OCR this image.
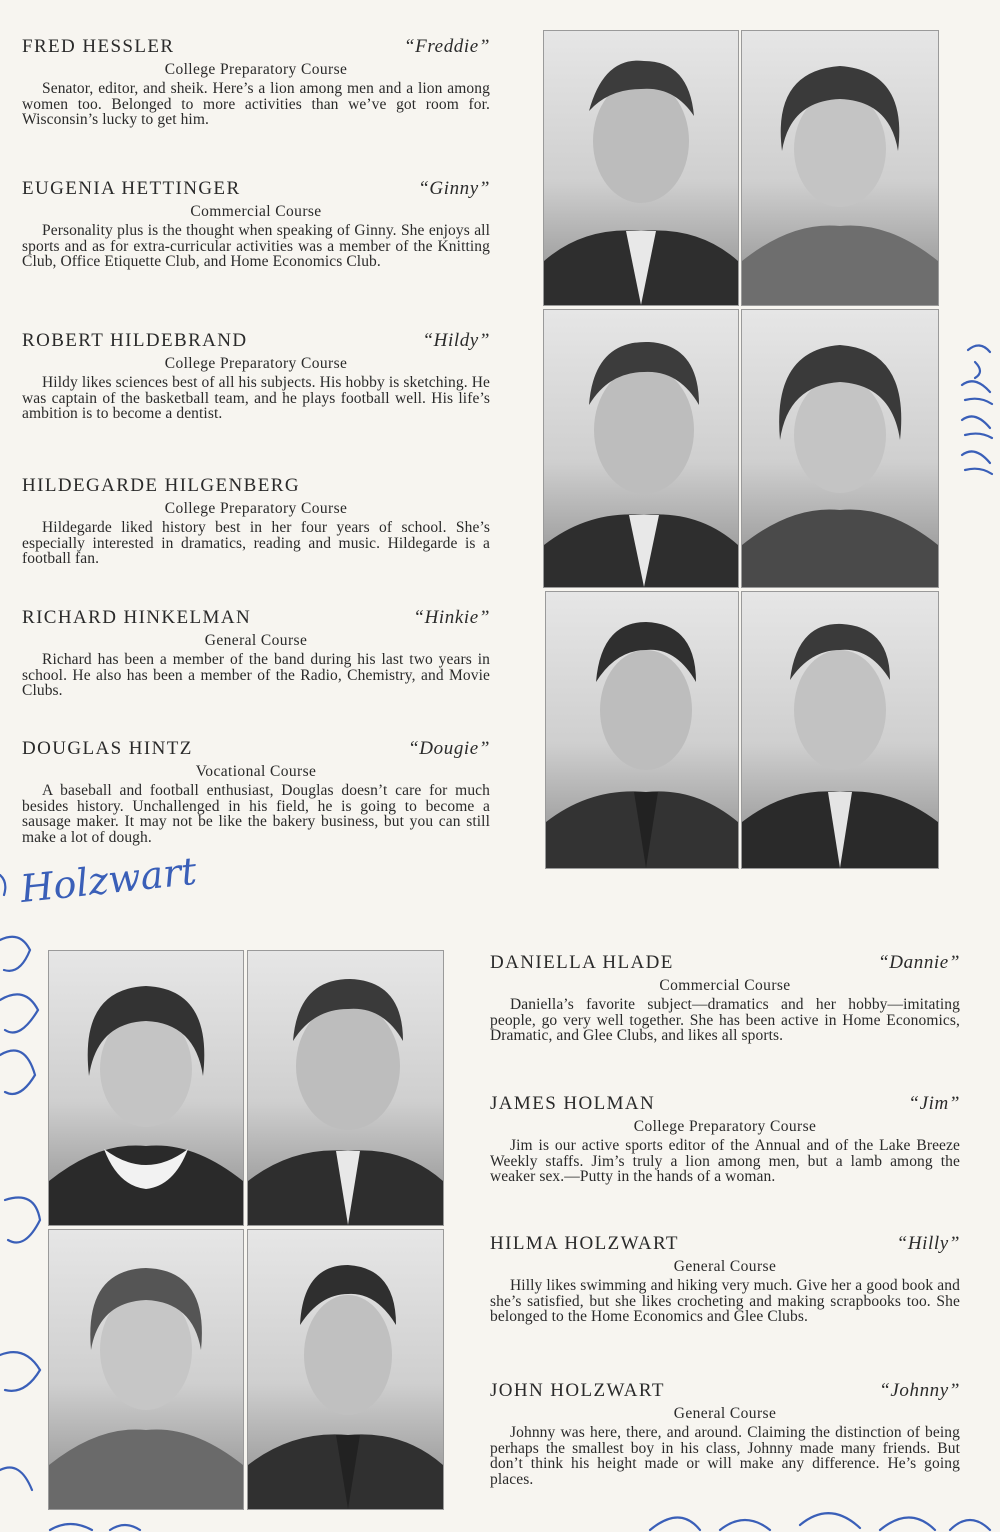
FRED HESSLER	“Freddie”
College Preparatory Course

Senator, editor, and sheik. Here’s a lion among men and a lion among women too. Belonged to more activities than we’ve got room for. Wisconsin’s lucky to get him.

EUGENIA HETTINGER	“Ginny”
Commercial Course

Personality plus is the thought when speaking of Ginny. She enjoys all sports and as for extra-curricular activities was a member of the Knitting Club, Office Etiquette Club, and Home Economics Club.

ROBERT HILDEBRAND	“Hildy”
College Preparatory Course

Hildy likes sciences best of all his subjects. His hobby is sketching. He was captain of the basketball team, and he plays football well. His life’s ambition is to become a dentist.

HILDEGARDE HILGENBERG
College Preparatory Course

Hildegarde liked history best in her four years of school. She’s especially interested in dramatics, reading and music. Hildegarde is a football fan.

RICHARD HINKELMAN	“Hinkie”
General Course

Richard has been a member of the band during his last two years in school. He also has been a member of the Radio, Chemistry, and Movie Clubs.

DOUGLAS HINTZ	“Dougie”
Vocational Course

A baseball and football enthusiast, Douglas doesn’t care for much besides history. Unchallenged in his field, he is going to become a sausage maker. It may not be like the bakery business, but you can still make a lot of dough.

DANIELLA HLADE	“Dannie”
Commercial Course

Daniella’s favorite subject—dramatics and her hobby—imitating people, go very well together. She has been active in Home Economics, Dramatic, and Glee Clubs, and likes all sports.

JAMES HOLMAN	“Jim”
College Preparatory Course

Jim is our active sports editor of the Annual and of the Lake Breeze Weekly staffs. Jim’s truly a lion among men, but a lamb among the weaker sex.—Putty in the hands of a woman.

HILMA HOLZWART	“Hilly”
General Course

Hilly likes swimming and hiking very much. Give her a good book and she’s satisfied, but she likes crocheting and making scrapbooks too. She belonged to the Home Economics and Glee Clubs.

JOHN HOLZWART	“Johnny”
General Course

Johnny was here, there, and around. Claiming the distinction of being perhaps the smallest boy in his class, Johnny made many friends. But don’t think his height made or will make any difference. He’s going places.

Holzwart
